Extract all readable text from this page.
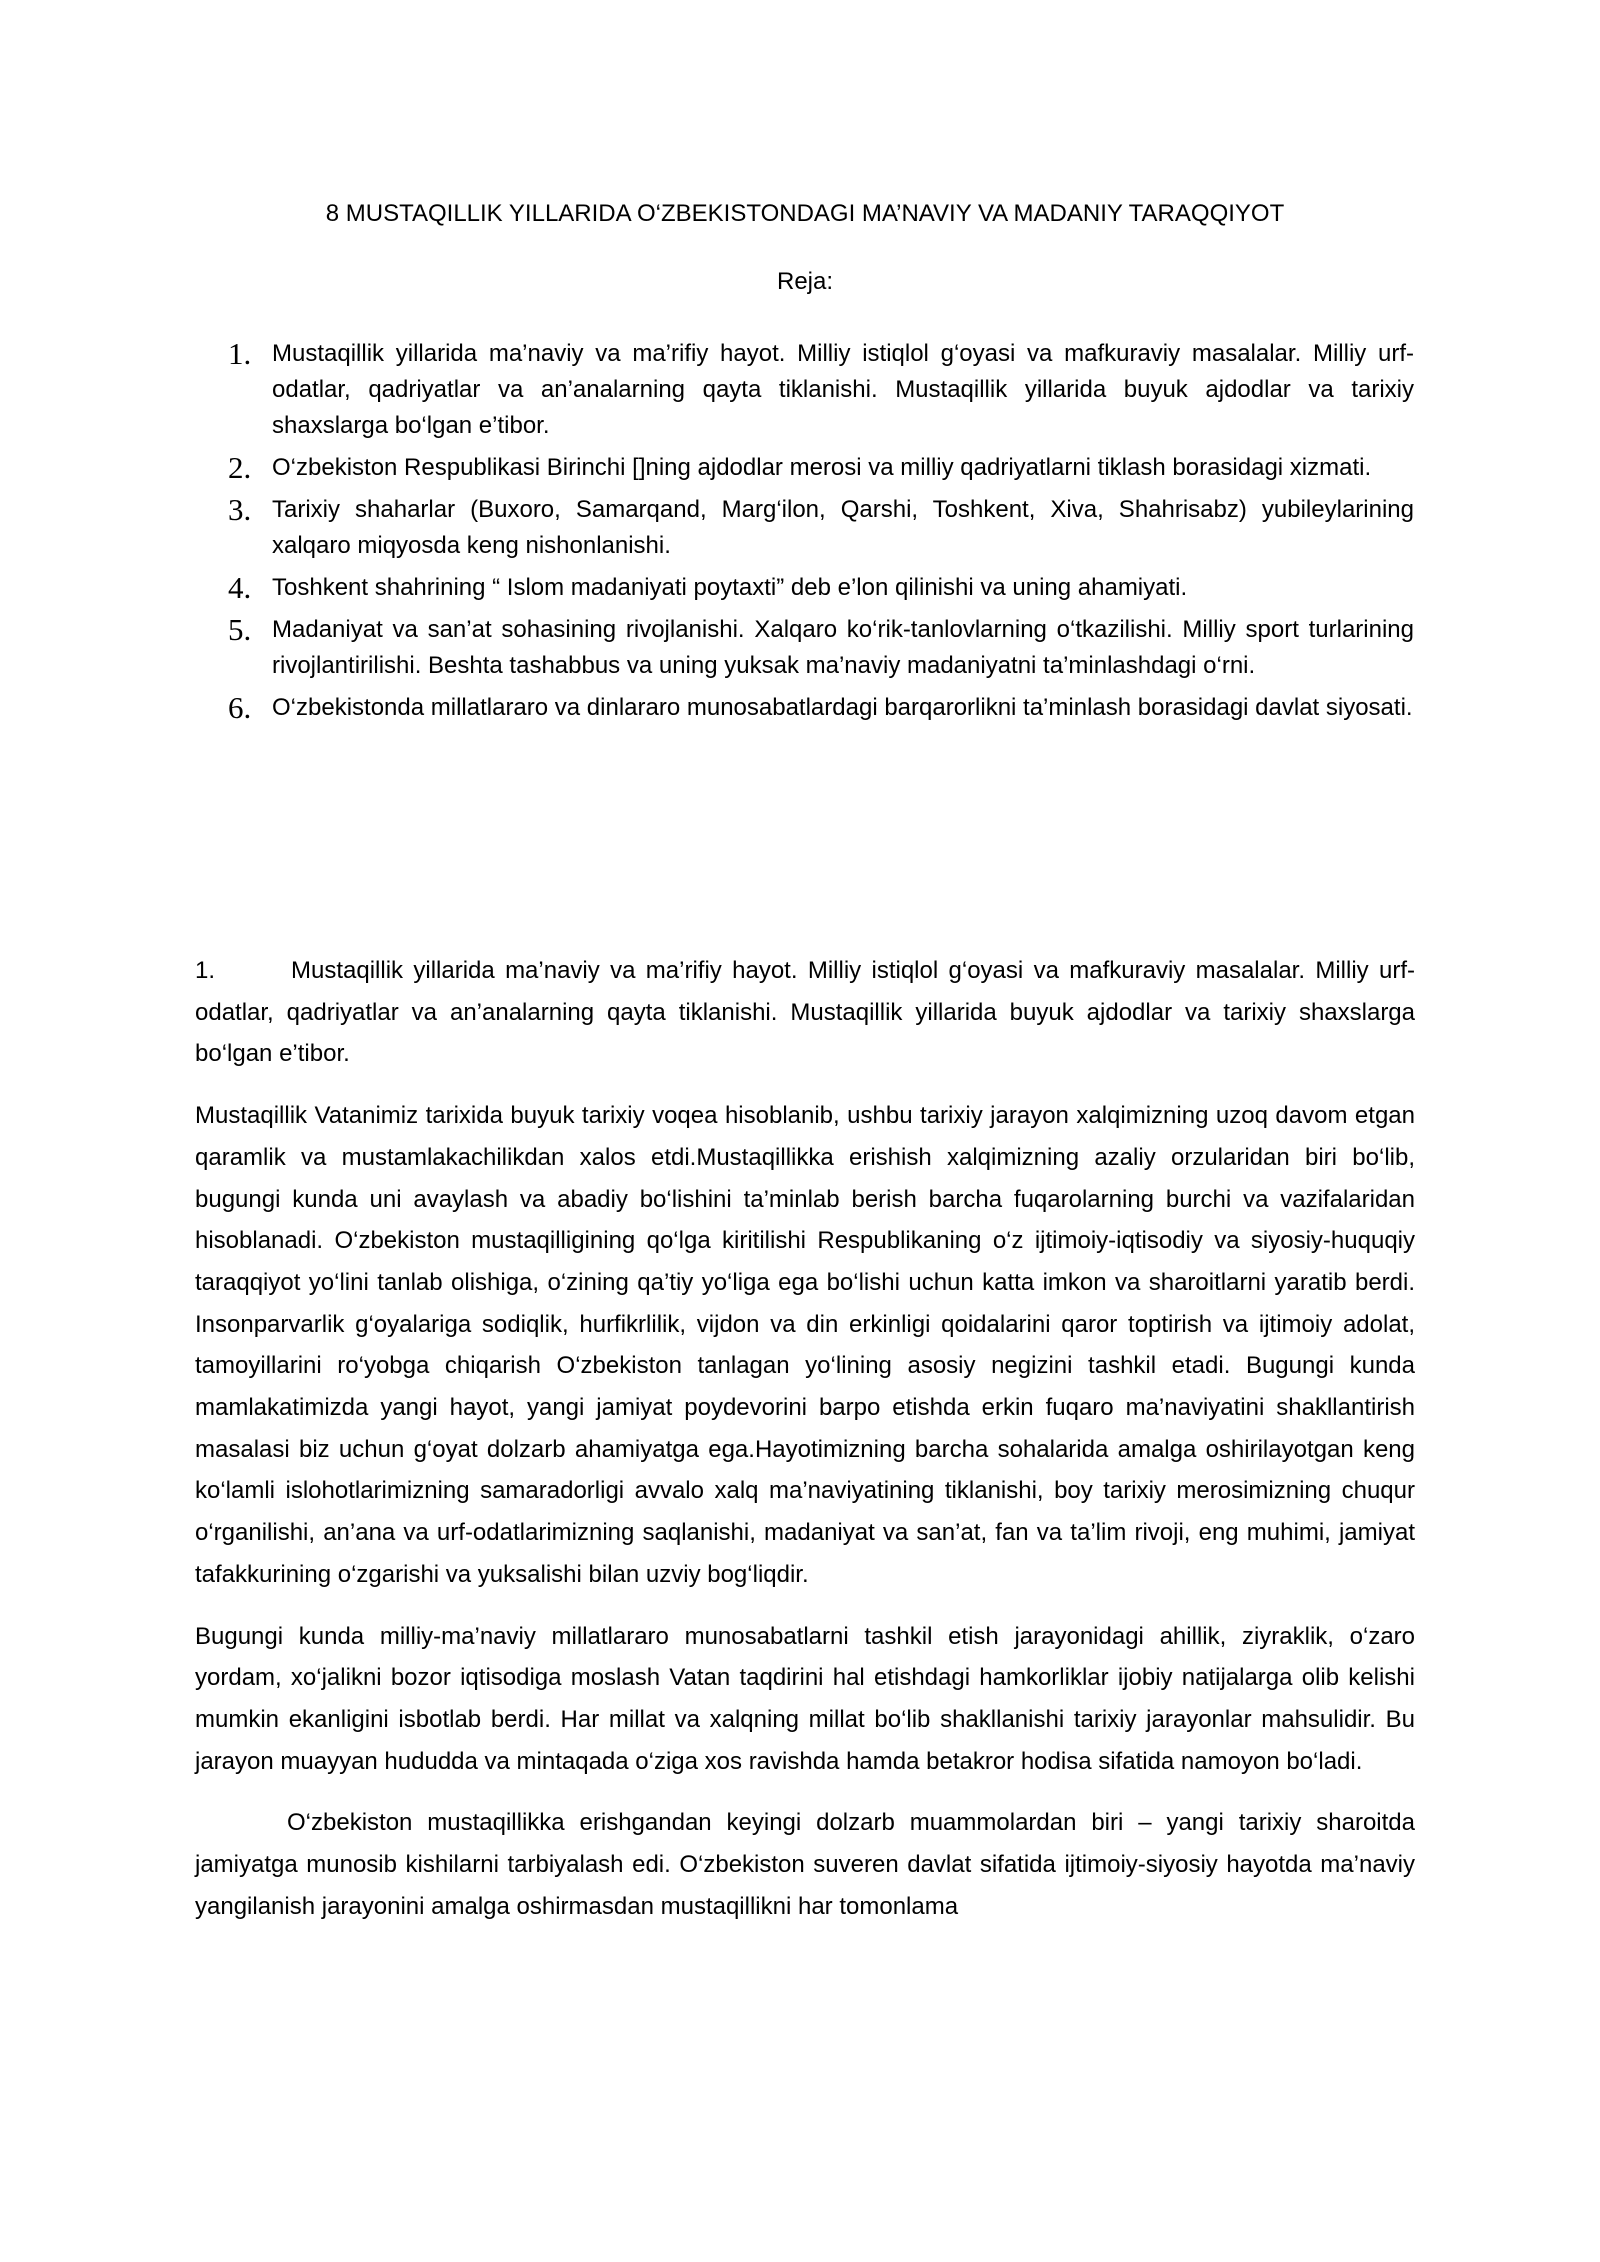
8 MUSTAQILLIK YILLARIDA O‘ZBEKISTONDAGI MA’NAVIY VA MADANIY TARAQQIYOT
Reja:
1. Mustaqillik yillarida ma’naviy va ma’rifiy hayot. Milliy istiqlol g‘oyasi va mafkuraviy masalalar. Milliy urf-odatlar, qadriyatlar va an’analarning qayta tiklanishi. Mustaqillik yillarida buyuk ajdodlar va tarixiy shaxslarga bo‘lgan e’tibor.
2. O‘zbekiston Respublikasi Birinchi []ning ajdodlar merosi va milliy qadriyatlarni tiklash borasidagi xizmati.
3. Tarixiy shaharlar (Buxoro, Samarqand, Marg‘ilon, Qarshi, Toshkent, Xiva, Shahrisabz) yubileylarining xalqaro miqyosda keng nishonlanishi.
4. Toshkent shahrining “ Islom madaniyati poytaxti” deb e’lon qilinishi va uning ahamiyati.
5. Madaniyat va san’at sohasining rivojlanishi. Xalqaro ko‘rik-tanlovlarning o‘tkazilishi. Milliy sport turlarining rivojlantirilishi. Beshta tashabbus va uning yuksak ma’naviy madaniyatni ta’minlashdagi o‘rni.
6. O‘zbekistonda millatlararo va dinlararo munosabatlardagi barqarorlikni ta’minlash borasidagi davlat siyosati.

1.	Mustaqillik yillarida ma’naviy va ma’rifiy hayot. Milliy istiqlol g‘oyasi va mafkuraviy masalalar. Milliy urf-odatlar, qadriyatlar va an’analarning qayta tiklanishi. Mustaqillik yillarida buyuk ajdodlar va tarixiy shaxslarga bo‘lgan e’tibor.

Mustaqillik Vatanimiz tarixida buyuk tarixiy voqea hisoblanib, ushbu tarixiy jarayon xalqimizning uzoq davom etgan qaramlik va mustamlakachilikdan xalos etdi.Mustaqillikka erishish xalqimizning azaliy orzularidan biri bo‘lib, bugungi kunda uni avaylash va abadiy bo‘lishini ta’minlab berish barcha fuqarolarning burchi va vazifalaridan hisoblanadi. O‘zbekiston mustaqilligining qo‘lga kiritilishi Respublikaning o‘z ijtimoiy-iqtisodiy va siyosiy-huquqiy taraqqiyot yo‘lini tanlab olishiga, o‘zining qa’tiy yo‘liga ega bo‘lishi uchun katta imkon va sharoitlarni yaratib berdi. Insonparvarlik g‘oyalariga sodiqlik, hurfikrlilik, vijdon va din erkinligi qoidalarini qaror toptirish va ijtimoiy adolat, tamoyillarini ro‘yobga chiqarish O‘zbekiston tanlagan yo‘lining asosiy negizini tashkil etadi. Bugungi kunda mamlakatimizda yangi hayot, yangi jamiyat poydevorini barpo etishda erkin fuqaro ma’naviyatini shakllantirish masalasi biz uchun g‘oyat dolzarb ahamiyatga ega.Hayotimizning barcha sohalarida amalga oshirilayotgan keng ko‘lamli islohotlarimizning samaradorligi avvalo xalq ma’naviyatining tiklanishi, boy tarixiy merosimizning chuqur o‘rganilishi, an’ana va urf-odatlarimizning saqlanishi, madaniyat va san’at, fan va ta’lim rivoji, eng muhimi, jamiyat tafakkurining o‘zgarishi va yuksalishi bilan uzviy bog‘liqdir.

Bugungi kunda milliy-ma’naviy millatlararo munosabatlarni tashkil etish jarayonidagi ahillik, ziyraklik, o‘zaro yordam, xo‘jalikni bozor iqtisodiga moslash Vatan taqdirini hal etishdagi hamkorliklar ijobiy natijalarga olib kelishi mumkin ekanligini isbotlab berdi. Har millat va xalqning millat bo‘lib shakllanishi tarixiy jarayonlar mahsulidir. Bu jarayon muayyan hududda va mintaqada o‘ziga xos ravishda hamda betakror hodisa sifatida namoyon bo‘ladi.

O‘zbekiston mustaqillikka erishgandan keyingi dolzarb muammolardan biri – yangi tarixiy sharoitda jamiyatga munosib kishilarni tarbiyalash edi. O‘zbekiston suveren davlat sifatida ijtimoiy-siyosiy hayotda ma’naviy yangilanish jarayonini amalga oshirmasdan mustaqillikni har tomonlama
